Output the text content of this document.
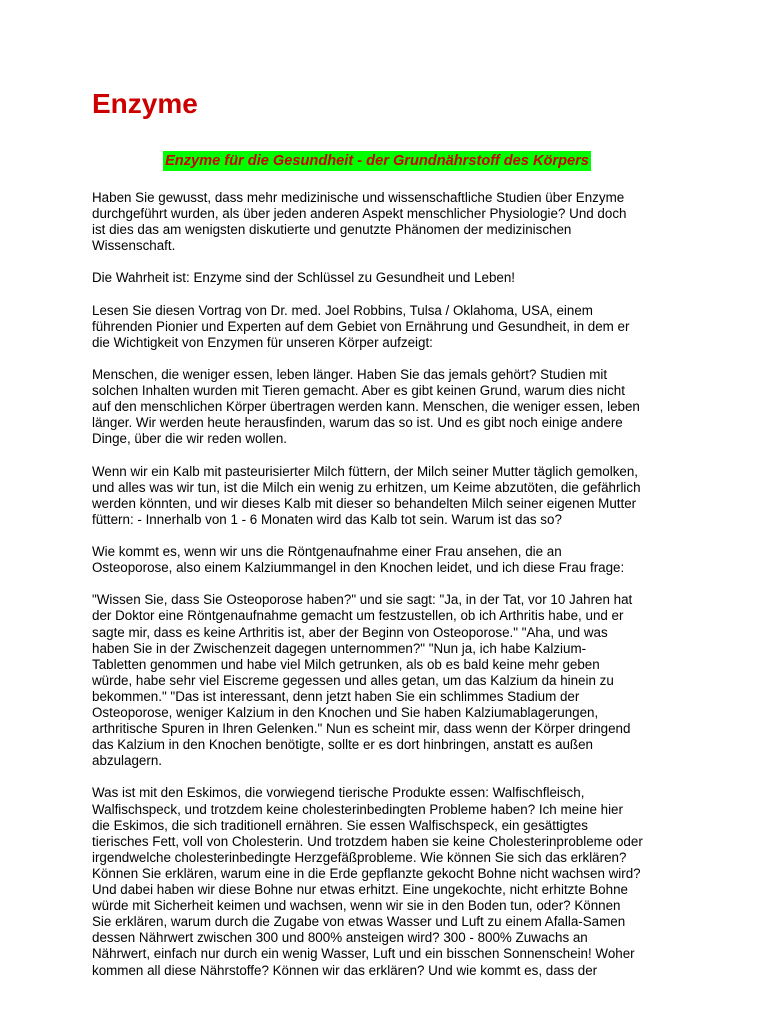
Enzyme
Enzyme für die Gesundheit - der Grundnährstoff des Körpers

Haben Sie gewusst, dass mehr medizinische und wissenschaftliche Studien über Enzyme
durchgeführt wurden, als über jeden anderen Aspekt menschlicher Physiologie? Und doch
ist dies das am wenigsten diskutierte und genutzte Phänomen der medizinischen
Wissenschaft.

Die Wahrheit ist: Enzyme sind der Schlüssel zu Gesundheit und Leben!

Lesen Sie diesen Vortrag von Dr. med. Joel Robbins, Tulsa / Oklahoma, USA, einem
führenden Pionier und Experten auf dem Gebiet von Ernährung und Gesundheit, in dem er
die Wichtigkeit von Enzymen für unseren Körper aufzeigt:

Menschen, die weniger essen, leben länger. Haben Sie das jemals gehört? Studien mit
solchen Inhalten wurden mit Tieren gemacht. Aber es gibt keinen Grund, warum dies nicht
auf den menschlichen Körper übertragen werden kann. Menschen, die weniger essen, leben
länger. Wir werden heute herausfinden, warum das so ist. Und es gibt noch einige andere
Dinge, über die wir reden wollen.

Wenn wir ein Kalb mit pasteurisierter Milch füttern, der Milch seiner Mutter täglich gemolken,
und alles was wir tun, ist die Milch ein wenig zu erhitzen, um Keime abzutöten, die gefährlich
werden könnten, und wir dieses Kalb mit dieser so behandelten Milch seiner eigenen Mutter
füttern: - Innerhalb von 1 - 6 Monaten wird das Kalb tot sein. Warum ist das so?

Wie kommt es, wenn wir uns die Röntgenaufnahme einer Frau ansehen, die an
Osteoporose, also einem Kalziummangel in den Knochen leidet, und ich diese Frau frage:

"Wissen Sie, dass Sie Osteoporose haben?" und sie sagt: "Ja, in der Tat, vor 10 Jahren hat
der Doktor eine Röntgenaufnahme gemacht um festzustellen, ob ich Arthritis habe, und er
sagte mir, dass es keine Arthritis ist, aber der Beginn von Osteoporose." "Aha, und was
haben Sie in der Zwischenzeit dagegen unternommen?" "Nun ja, ich habe Kalzium-
Tabletten genommen und habe viel Milch getrunken, als ob es bald keine mehr geben
würde, habe sehr viel Eiscreme gegessen und alles getan, um das Kalzium da hinein zu
bekommen." "Das ist interessant, denn jetzt haben Sie ein schlimmes Stadium der
Osteoporose, weniger Kalzium in den Knochen und Sie haben Kalziumablagerungen,
arthritische Spuren in Ihren Gelenken." Nun es scheint mir, dass wenn der Körper dringend
das Kalzium in den Knochen benötigte, sollte er es dort hinbringen, anstatt es außen
abzulagern.

Was ist mit den Eskimos, die vorwiegend tierische Produkte essen: Walfischfleisch,
Walfischspeck, und trotzdem keine cholesterinbedingten Probleme haben? Ich meine hier
die Eskimos, die sich traditionell ernähren. Sie essen Walfischspeck, ein gesättigtes
tierisches Fett, voll von Cholesterin. Und trotzdem haben sie keine Cholesterinprobleme oder
irgendwelche cholesterinbedingte Herzgefäßprobleme. Wie können Sie sich das erklären?
Können Sie erklären, warum eine in die Erde gepflanzte gekocht Bohne nicht wachsen wird?
Und dabei haben wir diese Bohne nur etwas erhitzt. Eine ungekochte, nicht erhitzte Bohne
würde mit Sicherheit keimen und wachsen, wenn wir sie in den Boden tun, oder? Können
Sie erklären, warum durch die Zugabe von etwas Wasser und Luft zu einem Afalla-Samen
dessen Nährwert zwischen 300 und 800% ansteigen wird? 300 - 800% Zuwachs an
Nährwert, einfach nur durch ein wenig Wasser, Luft und ein bisschen Sonnenschein! Woher
kommen all diese Nährstoffe? Können wir das erklären? Und wie kommt es, dass der
